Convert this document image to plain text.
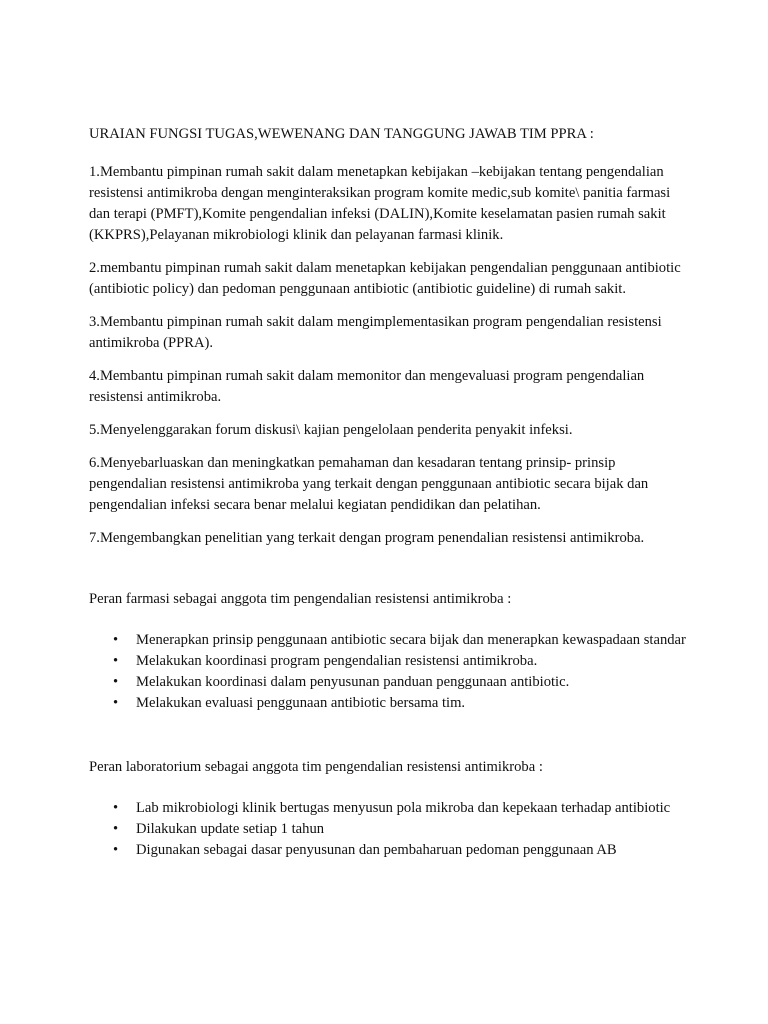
URAIAN FUNGSI TUGAS,WEWENANG DAN TANGGUNG JAWAB TIM PPRA :

1.Membantu pimpinan rumah sakit dalam menetapkan kebijakan –kebijakan tentang pengendalian resistensi antimikroba dengan menginteraksikan program komite medic,sub komite\ panitia farmasi dan terapi (PMFT),Komite pengendalian infeksi (DALIN),Komite keselamatan pasien rumah sakit (KKPRS),Pelayanan mikrobiologi klinik dan pelayanan farmasi klinik.

2.membantu pimpinan rumah sakit dalam menetapkan kebijakan pengendalian penggunaan antibiotic (antibiotic policy) dan pedoman penggunaan antibiotic (antibiotic guideline) di rumah sakit.

3.Membantu pimpinan rumah sakit dalam mengimplementasikan program pengendalian resistensi antimikroba (PPRA).

4.Membantu pimpinan rumah sakit dalam memonitor dan mengevaluasi program pengendalian resistensi antimikroba.

5.Menyelenggarakan forum diskusi\ kajian pengelolaan penderita penyakit infeksi.

6.Menyebarluaskan dan meningkatkan pemahaman dan kesadaran tentang prinsip- prinsip pengendalian resistensi antimikroba yang terkait dengan penggunaan antibiotic secara bijak dan pengendalian infeksi secara benar melalui kegiatan pendidikan dan pelatihan.

7.Mengembangkan penelitian yang terkait dengan program penendalian resistensi antimikroba.

Peran farmasi sebagai anggota tim pengendalian resistensi antimikroba :

• Menerapkan prinsip penggunaan antibiotic secara bijak dan menerapkan kewaspadaan standar
• Melakukan koordinasi program pengendalian resistensi antimikroba.
• Melakukan koordinasi dalam penyusunan panduan penggunaan antibiotic.
• Melakukan evaluasi penggunaan antibiotic bersama tim.

Peran laboratorium sebagai anggota tim pengendalian resistensi antimikroba :

• Lab mikrobiologi klinik bertugas menyusun pola mikroba dan kepekaan terhadap antibiotic
• Dilakukan update setiap 1 tahun
• Digunakan sebagai dasar penyusunan dan pembaharuan pedoman penggunaan AB
